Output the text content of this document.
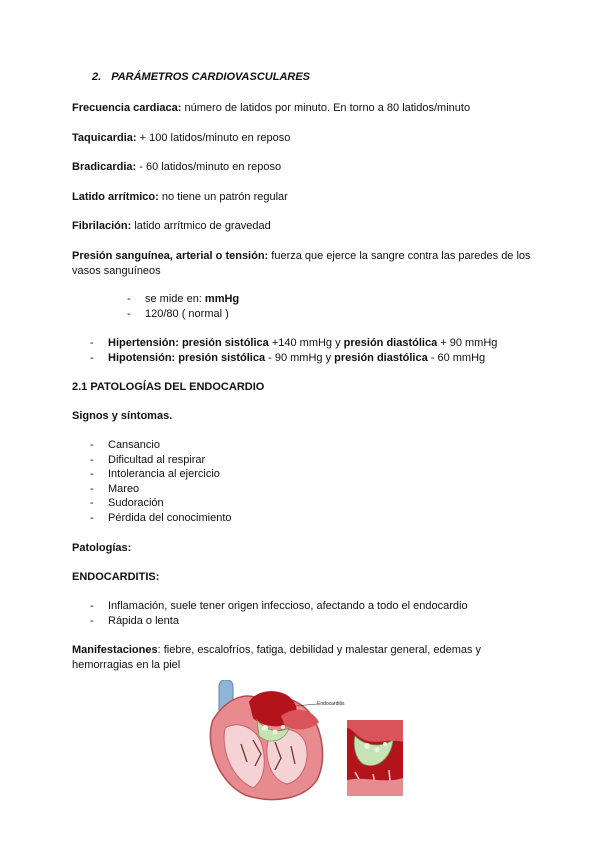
2. PARÁMETROS CARDIOVASCULARES
Frecuencia cardiaca: número de latidos por minuto. En torno a 80 latidos/minuto
Taquicardia: + 100 latidos/minuto en reposo
Bradicardia: - 60 latidos/minuto en reposo
Latido arrítmico: no tiene un patrón regular
Fibrilación: latido arrítmico de gravedad
Presión sanguínea, arterial o tensión: fuerza que ejerce la sangre contra las paredes de los vasos sanguíneos
- se mide en: mmHg
- 120/80 ( normal )
- Hipertensión: presión sistólica +140 mmHg y presión diastólica + 90 mmHg
- Hipotensión: presión sistólica - 90 mmHg y presión diastólica - 60 mmHg
2.1 PATOLOGÍAS DEL ENDOCARDIO
Signos y síntomas.
- Cansancio
- Dificultad al respirar
- Intolerancia al ejercicio
- Mareo
- Sudoración
- Pérdida del conocimiento
Patologías:
ENDOCARDITIS:
- Inflamación, suele tener origen infeccioso, afectando a todo el endocardio
- Rápida o lenta
Manifestaciones: fiebre, escalofríos, fatiga, debilidad y malestar general, edemas y hemorragias en la piel
Endocarditis
